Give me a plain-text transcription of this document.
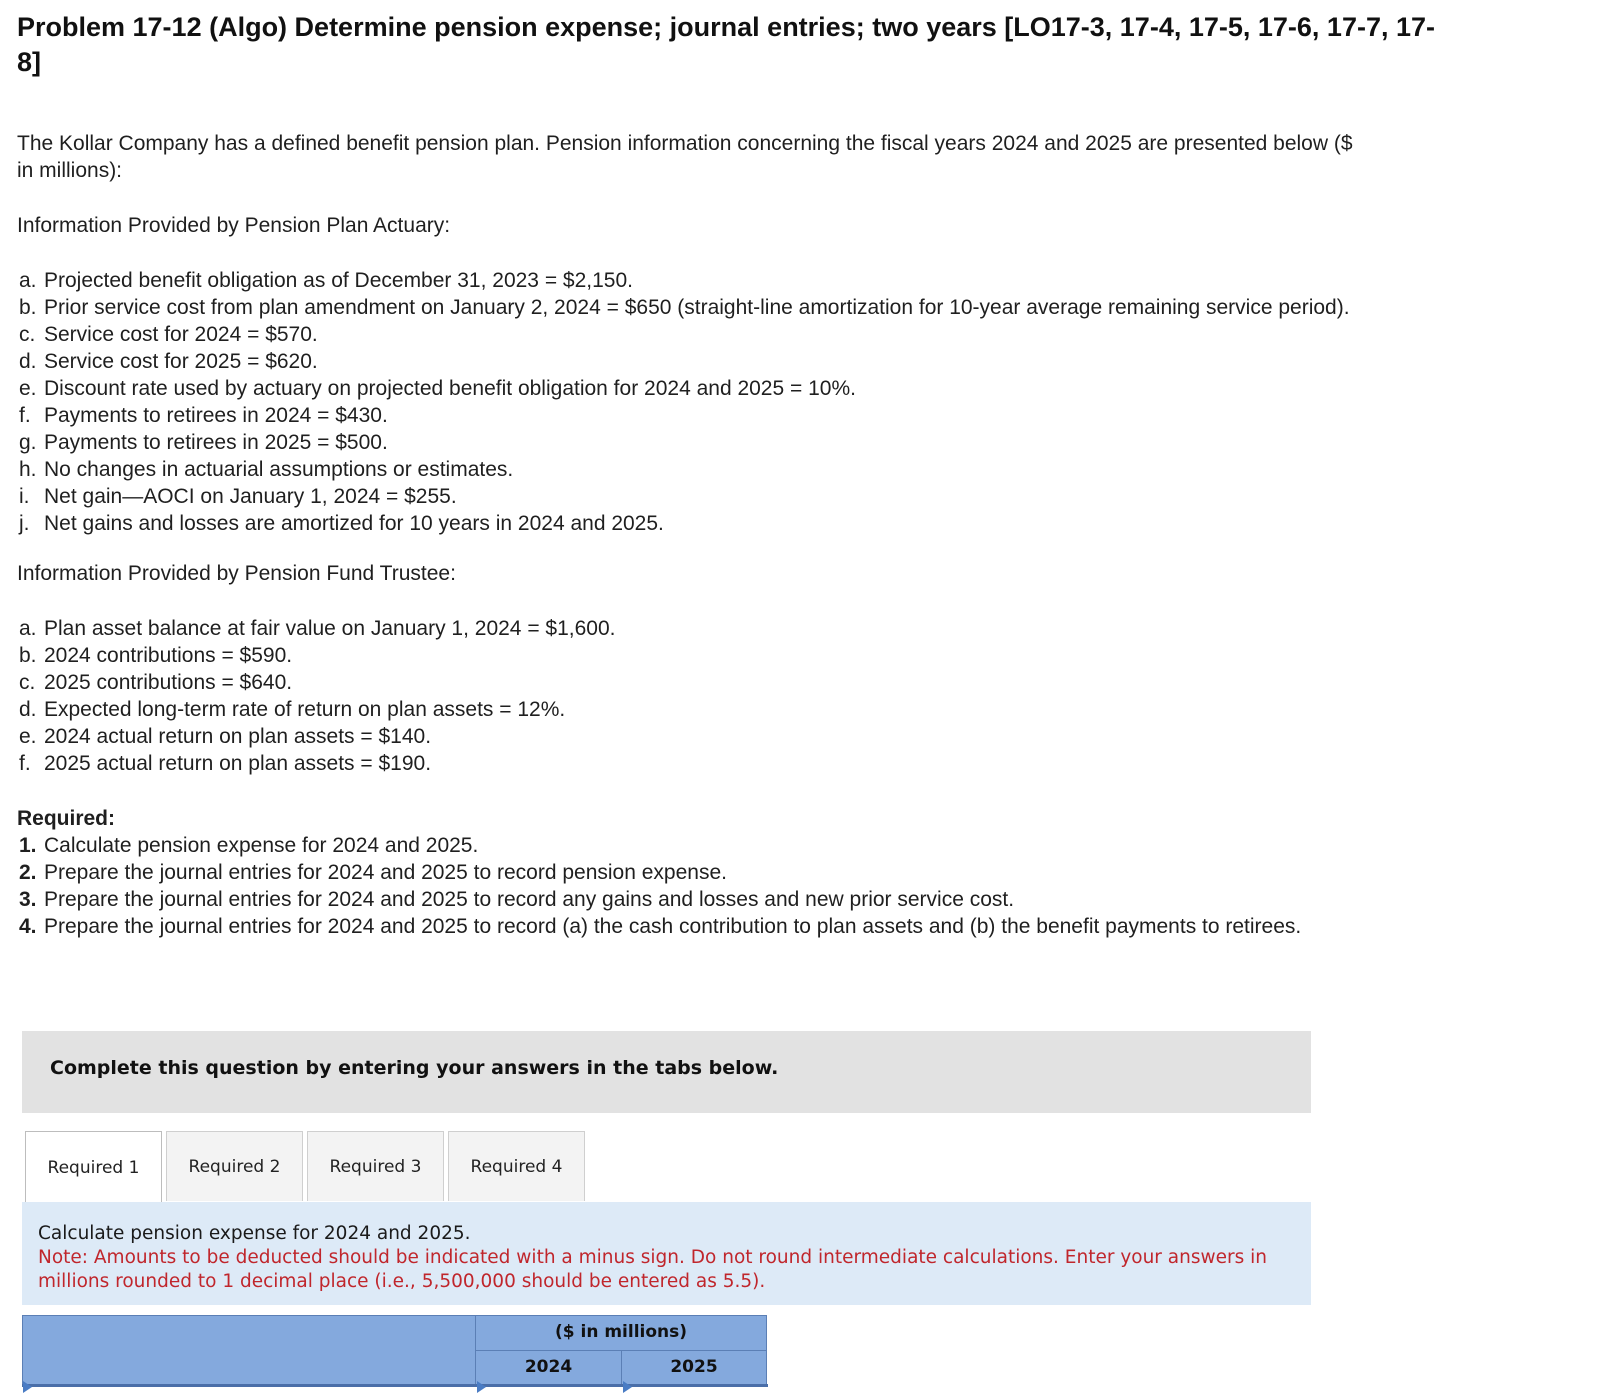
Problem 17-12 (Algo) Determine pension expense; journal entries; two years [LO17-3, 17-4, 17-5, 17-6, 17-7, 17-8]
The Kollar Company has a defined benefit pension plan. Pension information concerning the fiscal years 2024 and 2025 are presented below ($ in millions):
Information Provided by Pension Plan Actuary:
a. Projected benefit obligation as of December 31, 2023 = $2,150.
b. Prior service cost from plan amendment on January 2, 2024 = $650 (straight-line amortization for 10-year average remaining service period).
c. Service cost for 2024 = $570.
d. Service cost for 2025 = $620.
e. Discount rate used by actuary on projected benefit obligation for 2024 and 2025 = 10%.
f. Payments to retirees in 2024 = $430.
g. Payments to retirees in 2025 = $500.
h. No changes in actuarial assumptions or estimates.
i. Net gain—AOCI on January 1, 2024 = $255.
j. Net gains and losses are amortized for 10 years in 2024 and 2025.
Information Provided by Pension Fund Trustee:
a. Plan asset balance at fair value on January 1, 2024 = $1,600.
b. 2024 contributions = $590.
c. 2025 contributions = $640.
d. Expected long-term rate of return on plan assets = 12%.
e. 2024 actual return on plan assets = $140.
f. 2025 actual return on plan assets = $190.
Required:
1. Calculate pension expense for 2024 and 2025.
2. Prepare the journal entries for 2024 and 2025 to record pension expense.
3. Prepare the journal entries for 2024 and 2025 to record any gains and losses and new prior service cost.
4. Prepare the journal entries for 2024 and 2025 to record (a) the cash contribution to plan assets and (b) the benefit payments to retirees.
Complete this question by entering your answers in the tabs below.
Required 1	Required 2	Required 3	Required 4
Calculate pension expense for 2024 and 2025.
Note: Amounts to be deducted should be indicated with a minus sign. Do not round intermediate calculations. Enter your answers in millions rounded to 1 decimal place (i.e., 5,500,000 should be entered as 5.5).
($ in millions)
2024	2025
